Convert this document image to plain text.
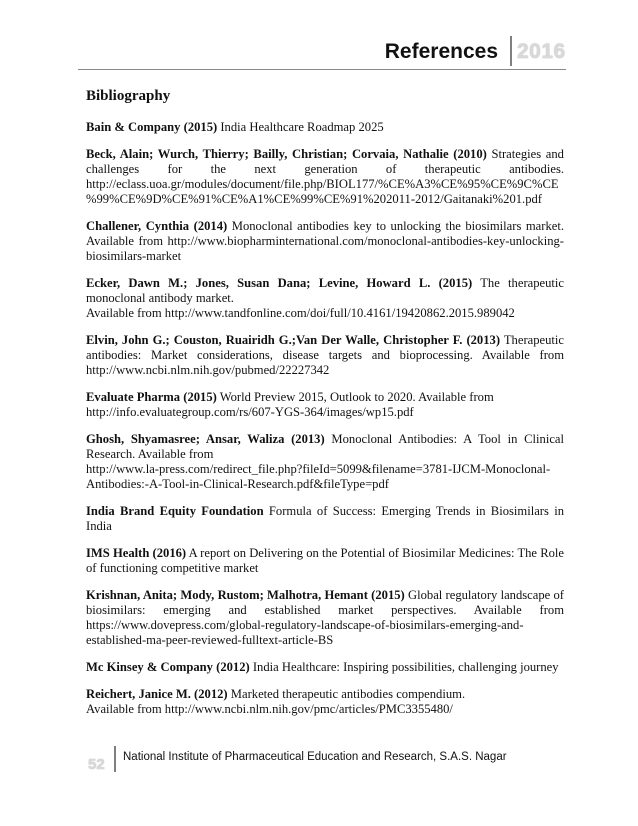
References 2016
Bibliography
Bain & Company (2015) India Healthcare Roadmap 2025
Beck, Alain; Wurch, Thierry; Bailly, Christian; Corvaia, Nathalie (2010) Strategies and challenges for the next generation of therapeutic antibodies. http://eclass.uoa.gr/modules/document/file.php/BIOL177/%CE%A3%CE%95%CE%9C%CE%99%CE%9D%CE%91%CE%A1%CE%99%CE%91%202011-2012/Gaitanaki%201.pdf
Challener, Cynthia (2014) Monoclonal antibodies key to unlocking the biosimilars market. Available from http://www.biopharminternational.com/monoclonal-antibodies-key-unlocking-biosimilars-market
Ecker, Dawn M.; Jones, Susan Dana; Levine, Howard L. (2015) The therapeutic monoclonal antibody market.
Available from http://www.tandfonline.com/doi/full/10.4161/19420862.2015.989042
Elvin, John G.; Couston, Ruairidh G.;Van Der Walle, Christopher F. (2013) Therapeutic antibodies: Market considerations, disease targets and bioprocessing. Available from http://www.ncbi.nlm.nih.gov/pubmed/22227342
Evaluate Pharma (2015) World Preview 2015, Outlook to 2020. Available from
http://info.evaluategroup.com/rs/607-YGS-364/images/wp15.pdf
Ghosh, Shyamasree; Ansar, Waliza (2013) Monoclonal Antibodies: A Tool in Clinical Research. Available from
http://www.la-press.com/redirect_file.php?fileId=5099&filename=3781-IJCM-Monoclonal-Antibodies:-A-Tool-in-Clinical-Research.pdf&fileType=pdf
India Brand Equity Foundation Formula of Success: Emerging Trends in Biosimilars in India
IMS Health (2016) A report on Delivering on the Potential of Biosimilar Medicines: The Role of functioning competitive market
Krishnan, Anita; Mody, Rustom; Malhotra, Hemant (2015) Global regulatory landscape of biosimilars: emerging and established market perspectives. Available from https://www.dovepress.com/global-regulatory-landscape-of-biosimilars-emerging-and-established-ma-peer-reviewed-fulltext-article-BS
Mc Kinsey & Company (2012) India Healthcare: Inspiring possibilities, challenging journey
Reichert, Janice M. (2012) Marketed therapeutic antibodies compendium.
Available from http://www.ncbi.nlm.nih.gov/pmc/articles/PMC3355480/
52 National Institute of Pharmaceutical Education and Research, S.A.S. Nagar
